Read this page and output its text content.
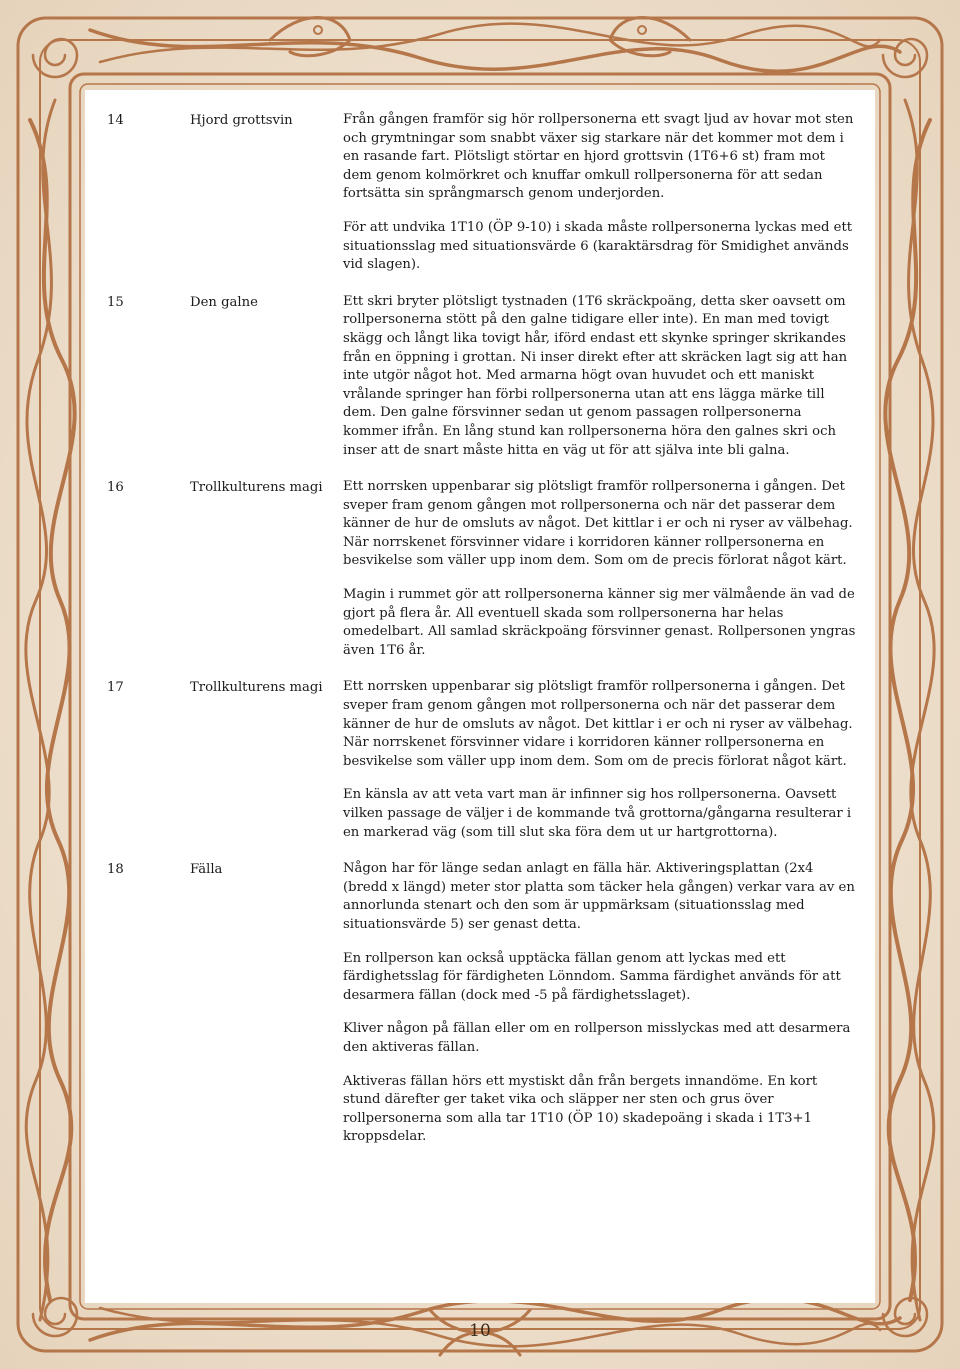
14	Hjord grottsvin	Från gången framför sig hör rollpersonerna ett svagt ljud av hovar mot sten och grymtningar som snabbt växer sig starkare när det kommer mot dem i en rasande fart. Plötsligt störtar en hjord grottsvin (1T6+6 st) fram mot dem genom kolmörkret och knuffar omkull rollpersonerna för att sedan fortsätta sin språngmarsch genom underjorden.

För att undvika 1T10 (ÖP 9-10) i skada måste rollpersonerna lyckas med ett situationsslag med situationsvärde 6 (karaktärsdrag för Smidighet används vid slagen).

15	Den galne	Ett skri bryter plötsligt tystnaden (1T6 skräckpoäng, detta sker oavsett om rollpersonerna stött på den galne tidigare eller inte). En man med tovigt skägg och långt lika tovigt hår, iförd endast ett skynke springer skrikandes från en öppning i grottan. Ni inser direkt efter att skräcken lagt sig att han inte utgör något hot. Med armarna högt ovan huvudet och ett maniskt vrålande springer han förbi rollpersonerna utan att ens lägga märke till dem. Den galne försvinner sedan ut genom passagen rollpersonerna kommer ifrån. En lång stund kan rollpersonerna höra den galnes skri och inser att de snart måste hitta en väg ut för att själva inte bli galna.

16	Trollkulturens magi	Ett norrsken uppenbarar sig plötsligt framför rollpersonerna i gången. Det sveper fram genom gången mot rollpersonerna och när det passerar dem känner de hur de omsluts av något. Det kittlar i er och ni ryser av välbehag. När norrskenet försvinner vidare i korridoren känner rollpersonerna en besvikelse som väller upp inom dem. Som om de precis förlorat något kärt.

Magin i rummet gör att rollpersonerna känner sig mer välmående än vad de gjort på flera år. All eventuell skada som rollpersonerna har helas omedelbart. All samlad skräckpoäng försvinner genast. Rollpersonen yngras även 1T6 år.

17	Trollkulturens magi	Ett norrsken uppenbarar sig plötsligt framför rollpersonerna i gången. Det sveper fram genom gången mot rollpersonerna och när det passerar dem känner de hur de omsluts av något. Det kittlar i er och ni ryser av välbehag. När norrskenet försvinner vidare i korridoren känner rollpersonerna en besvikelse som väller upp inom dem. Som om de precis förlorat något kärt.

En känsla av att veta vart man är infinner sig hos rollpersonerna. Oavsett vilken passage de väljer i de kommande två grottorna/gångarna resulterar i en markerad väg (som till slut ska föra dem ut ur hartgrottorna).

18	Fälla	Någon har för länge sedan anlagt en fälla här. Aktiveringsplattan (2x4 (bredd x längd) meter stor platta som täcker hela gången) verkar vara av en annorlunda stenart och den som är uppmärksam (situationsslag med situationsvärde 5) ser genast detta.

En rollperson kan också upptäcka fällan genom att lyckas med ett färdighetsslag för färdigheten Lönndom. Samma färdighet används för att desarmera fällan (dock med -5 på färdighetsslaget).

Kliver någon på fällan eller om en rollperson misslyckas med att desarmera den aktiveras fällan.

Aktiveras fällan hörs ett mystiskt dån från bergets innandöme. En kort stund därefter ger taket vika och släpper ner sten och grus över rollpersonerna som alla tar 1T10 (ÖP 10) skadepoäng i skada i 1T3+1 kroppsdelar.

10
